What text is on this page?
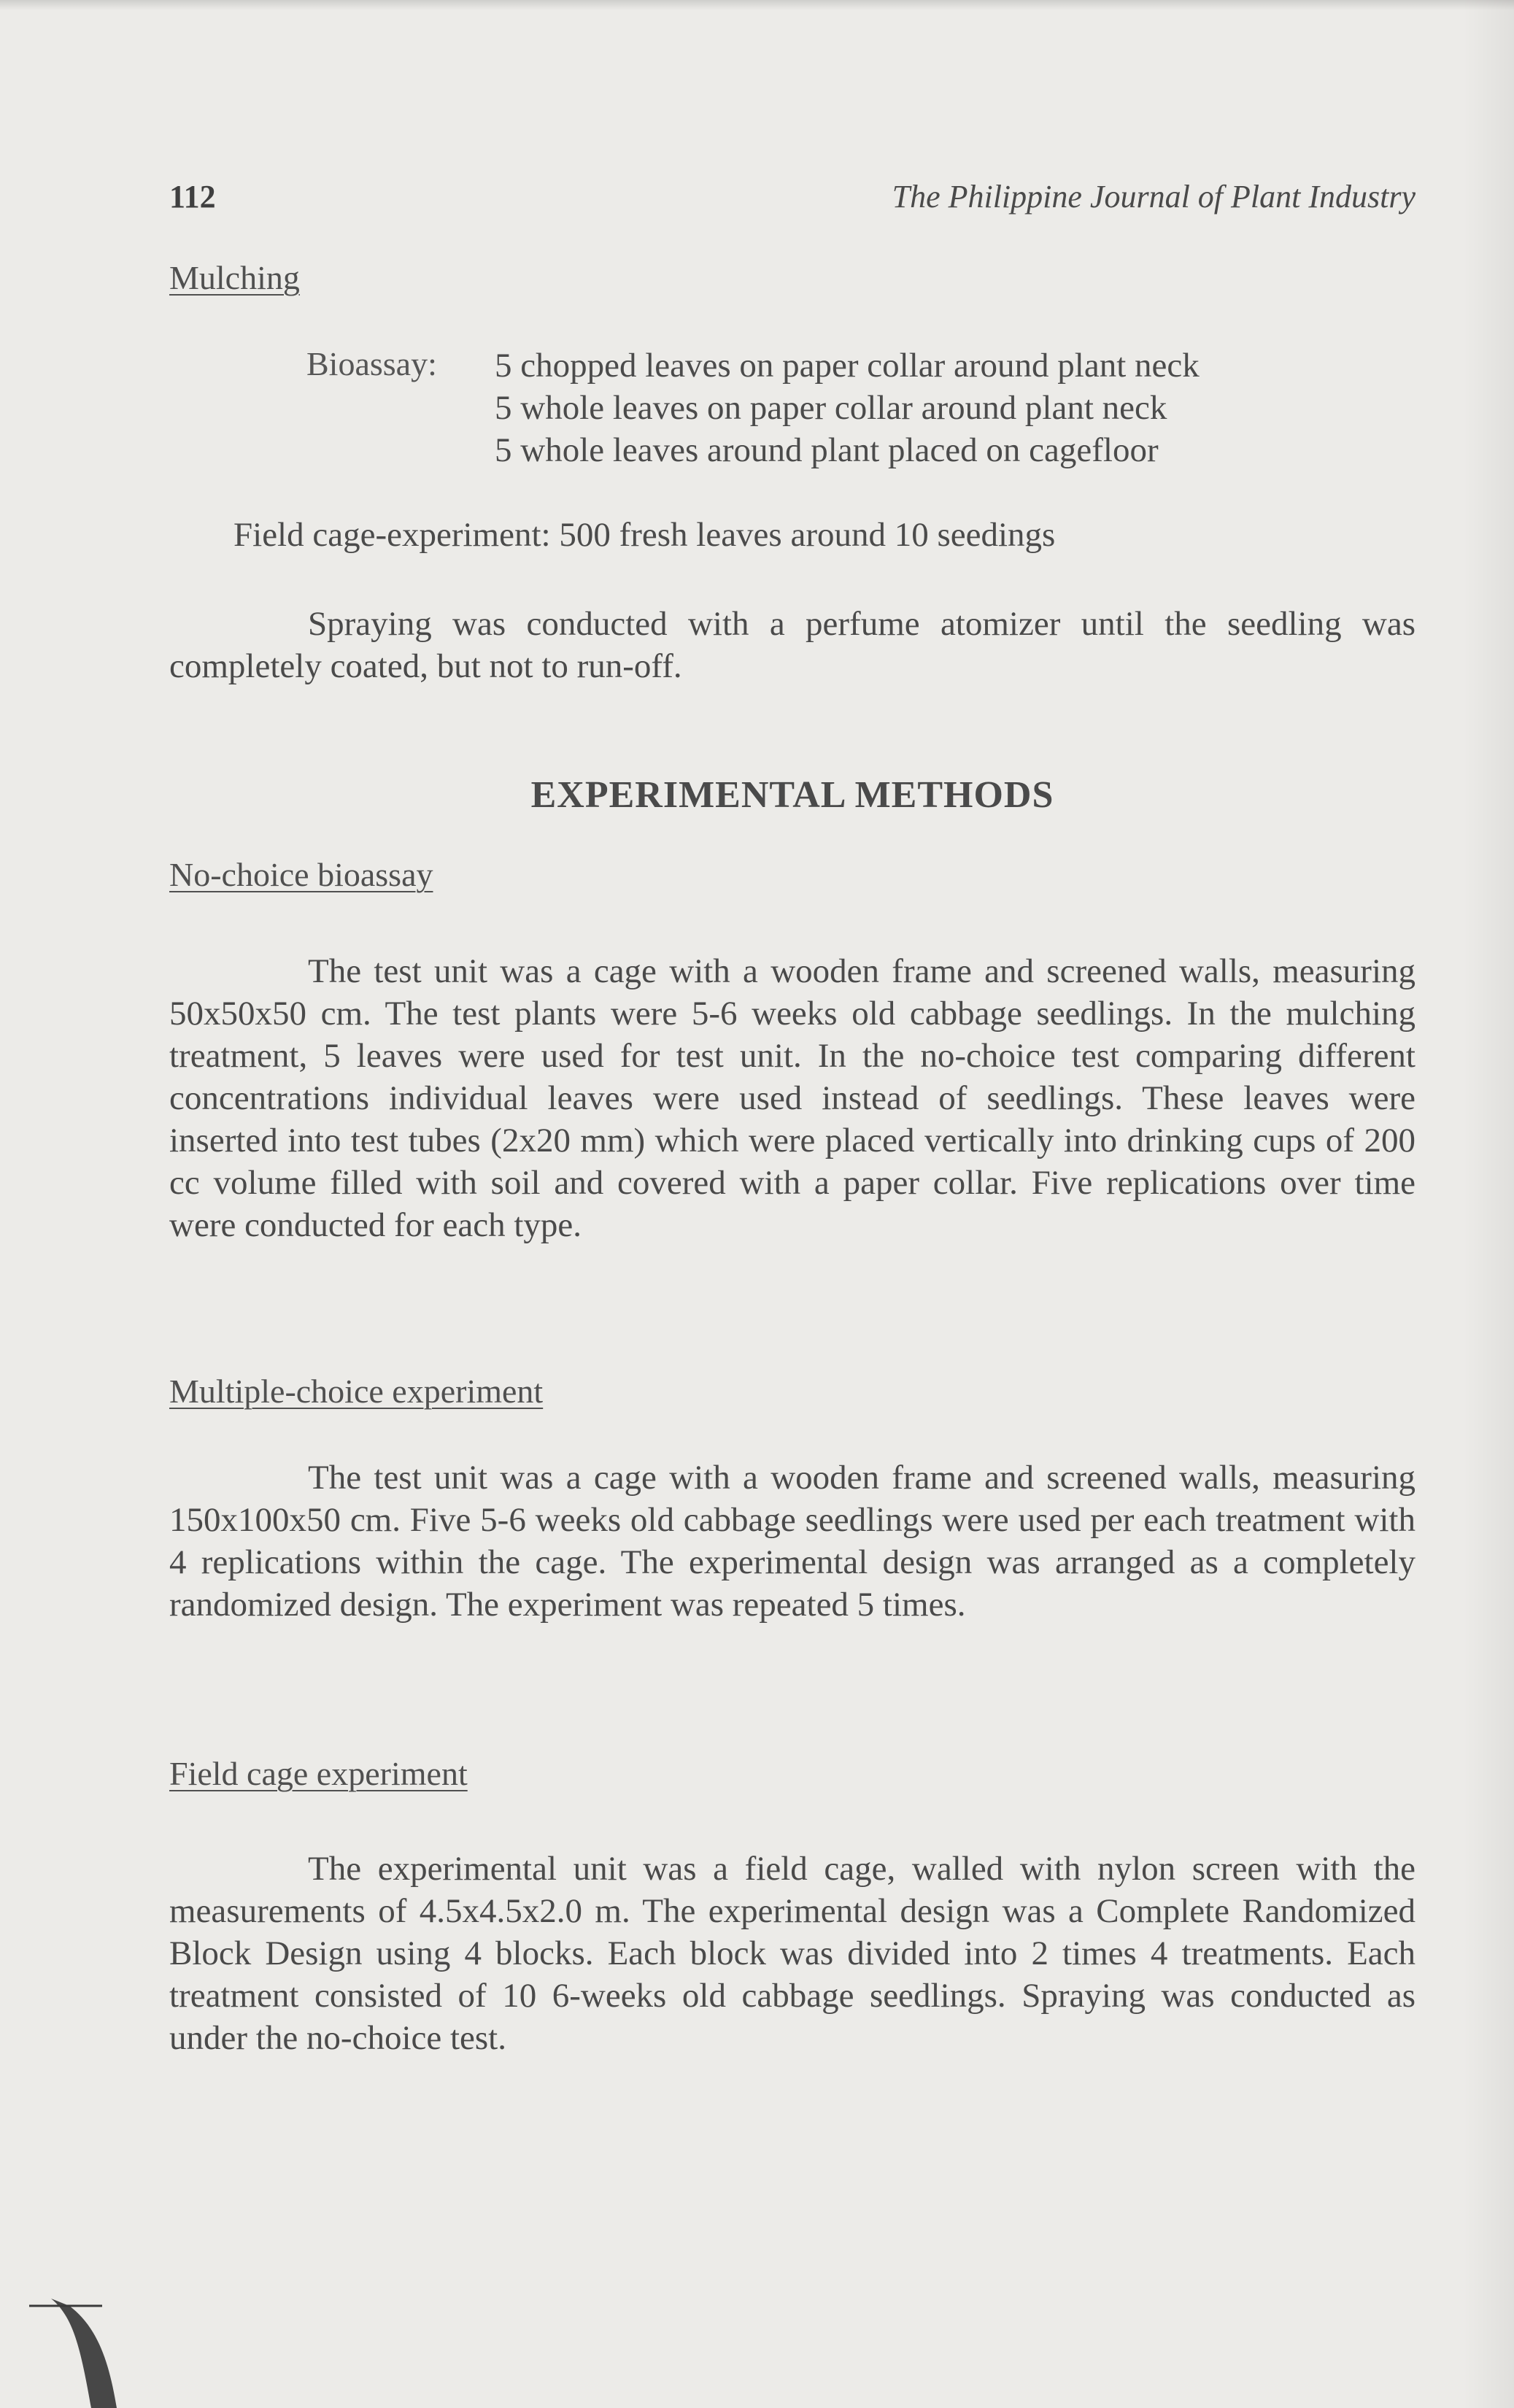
112	The Philippine Journal of Plant Industry
Mulching
Bioassay: 5 chopped leaves on paper collar around plant neck
5 whole leaves on paper collar around plant neck
5 whole leaves around plant placed on cagefloor
Field cage-experiment: 500 fresh leaves around 10 seedings

Spraying was conducted with a perfume atomizer until the seedling was completely coated, but not to run-off.

EXPERIMENTAL METHODS
No-choice bioassay

The test unit was a cage with a wooden frame and screened walls, measuring 50x50x50 cm. The test plants were 5-6 weeks old cabbage seedlings. In the mulching treatment, 5 leaves were used for test unit. In the no-choice test comparing different concentrations individual leaves were used instead of seedlings. These leaves were inserted into test tubes (2x20 mm) which were placed vertically into drinking cups of 200 cc volume filled with soil and covered with a paper collar. Five replications over time were conducted for each type.

Multiple-choice experiment

The test unit was a cage with a wooden frame and screened walls, measuring 150x100x50 cm. Five 5-6 weeks old cabbage seedlings were used per each treatment with 4 replications within the cage. The experimental design was arranged as a completely randomized design. The experiment was repeated 5 times.

Field cage experiment

The experimental unit was a field cage, walled with nylon screen with the measurements of 4.5x4.5x2.0 m. The experimental design was a Complete Randomized Block Design using 4 blocks. Each block was divided into 2 times 4 treatments. Each treatment consisted of 10 6-weeks old cabbage seedlings. Spraying was conducted as under the no-choice test.
